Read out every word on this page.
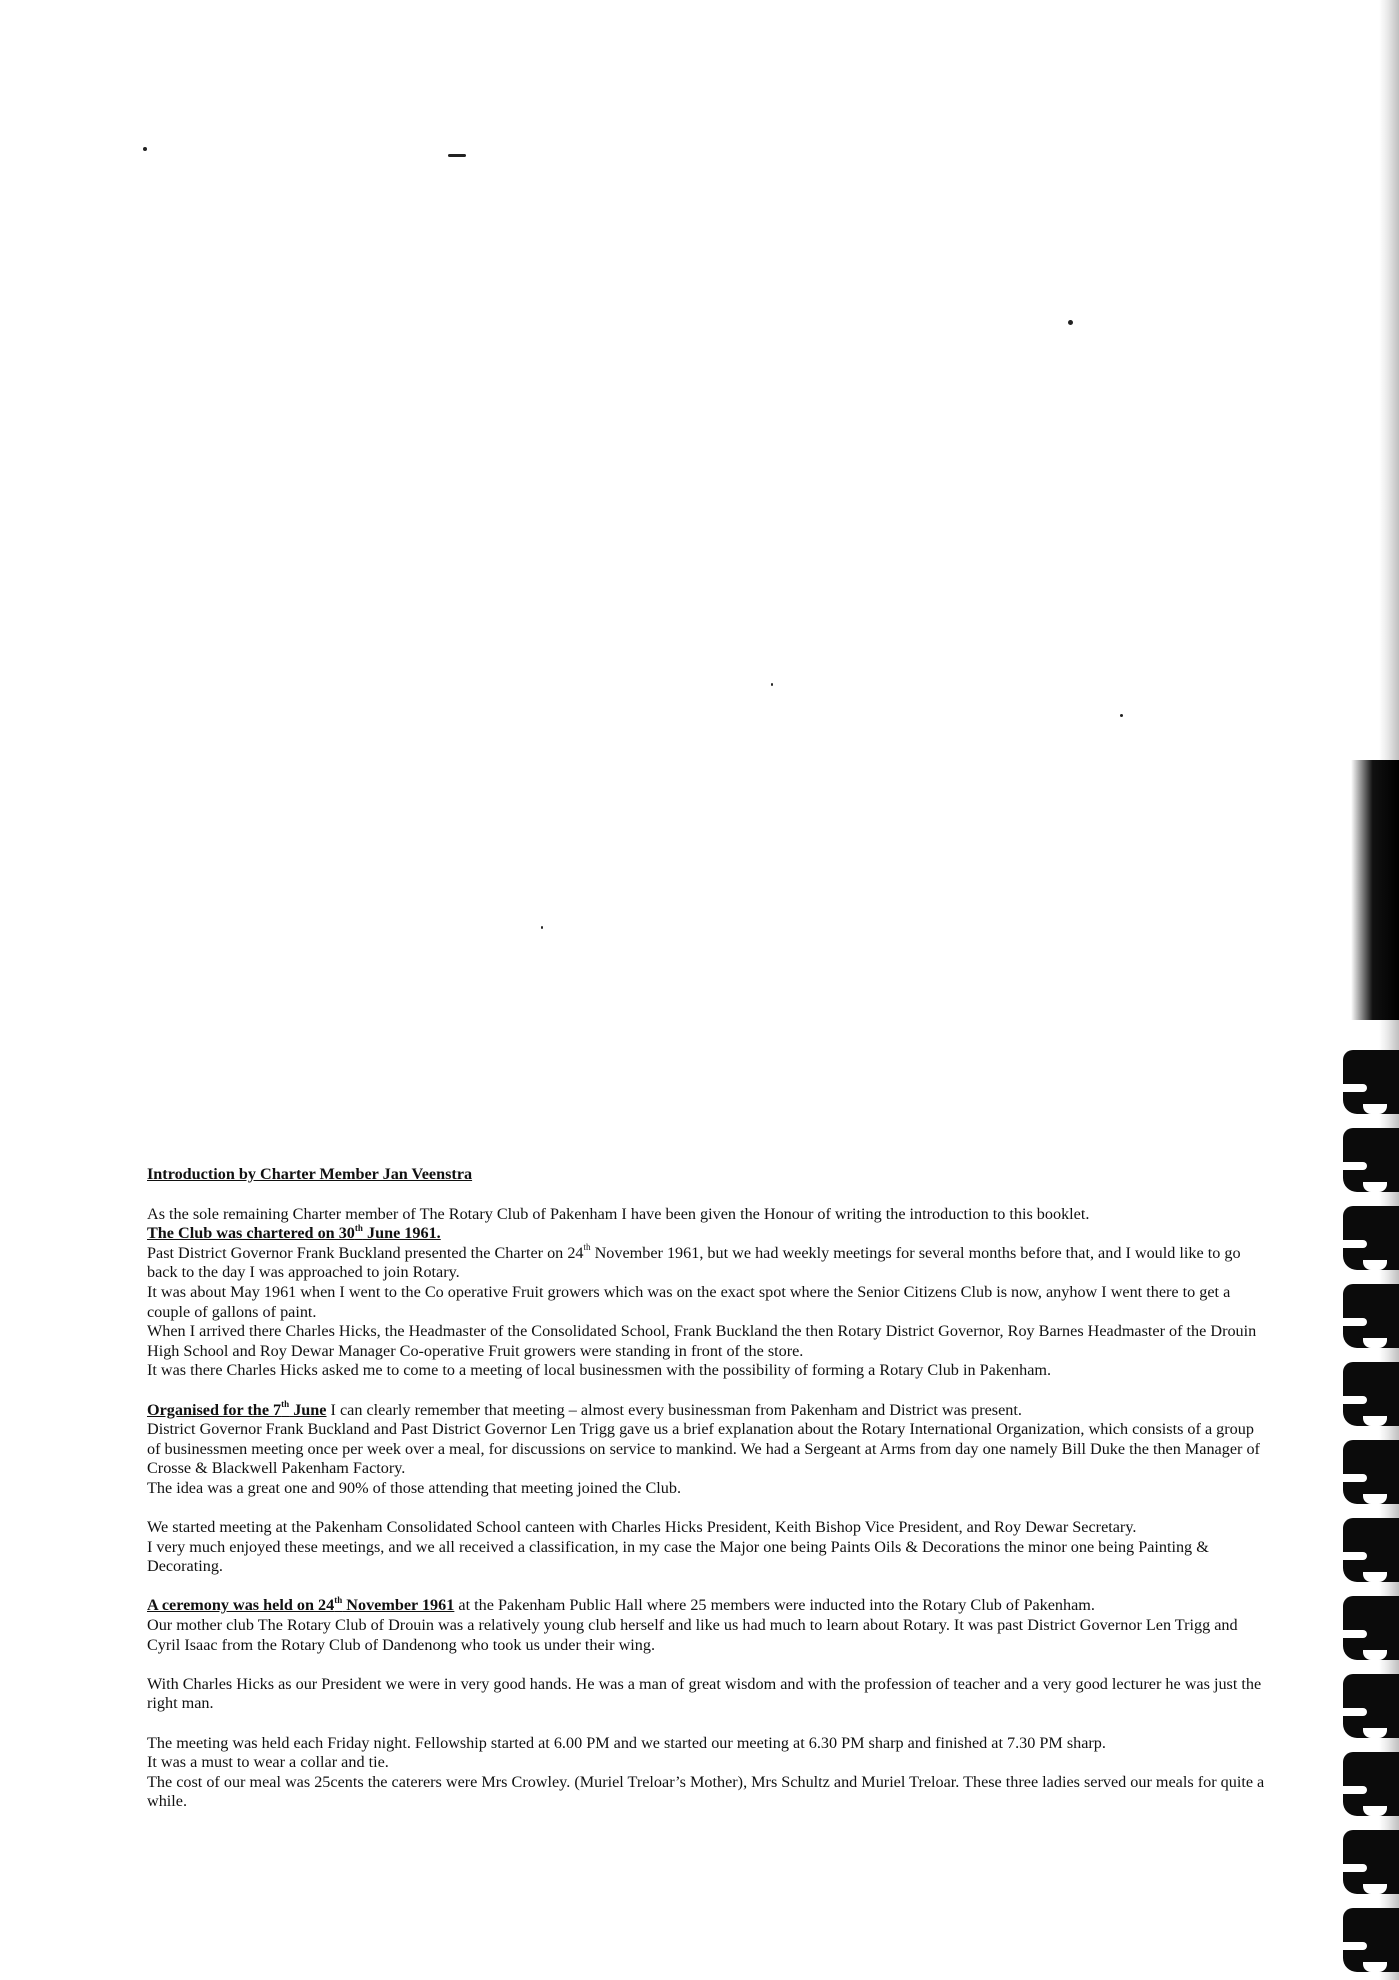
Introduction by Charter Member Jan Veenstra

As the sole remaining Charter member of The Rotary Club of Pakenham I have been given the Honour of writing the introduction to this booklet.
The Club was chartered on 30th June 1961.
Past District Governor Frank Buckland presented the Charter on 24th November 1961, but we had weekly meetings for several months before that, and I would like to go back to the day I was approached to join Rotary.
It was about May 1961 when I went to the Co operative Fruit growers which was on the exact spot where the Senior Citizens Club is now, anyhow I went there to get a couple of gallons of paint.
When I arrived there Charles Hicks, the Headmaster of the Consolidated School, Frank Buckland the then Rotary District Governor, Roy Barnes Headmaster of the Drouin High School and Roy Dewar Manager Co-operative Fruit growers were standing in front of the store.
It was there Charles Hicks asked me to come to a meeting of local businessmen with the possibility of forming a Rotary Club in Pakenham.

Organised for the 7th June I can clearly remember that meeting – almost every businessman from Pakenham and District was present.
District Governor Frank Buckland and Past District Governor Len Trigg gave us a brief explanation about the Rotary International Organization, which consists of a group of businessmen meeting once per week over a meal, for discussions on service to mankind. We had a Sergeant at Arms from day one namely Bill Duke the then Manager of Crosse & Blackwell Pakenham Factory.
The idea was a great one and 90% of those attending that meeting joined the Club.

We started meeting at the Pakenham Consolidated School canteen with Charles Hicks President, Keith Bishop Vice President, and Roy Dewar Secretary.
I very much enjoyed these meetings, and we all received a classification, in my case the Major one being Paints Oils & Decorations the minor one being Painting & Decorating.

A ceremony was held on 24th November 1961 at the Pakenham Public Hall where 25 members were inducted into the Rotary Club of Pakenham.
Our mother club The Rotary Club of Drouin was a relatively young club herself and like us had much to learn about Rotary. It was past District Governor Len Trigg and Cyril Isaac from the Rotary Club of Dandenong who took us under their wing.

With Charles Hicks as our President we were in very good hands. He was a man of great wisdom and with the profession of teacher and a very good lecturer he was just the right man.

The meeting was held each Friday night. Fellowship started at 6.00 PM and we started our meeting at 6.30 PM sharp and finished at 7.30 PM sharp.
It was a must to wear a collar and tie.
The cost of our meal was 25cents the caterers were Mrs Crowley. (Muriel Treloar’s Mother), Mrs Schultz and Muriel Treloar. These three ladies served our meals for quite a while.
